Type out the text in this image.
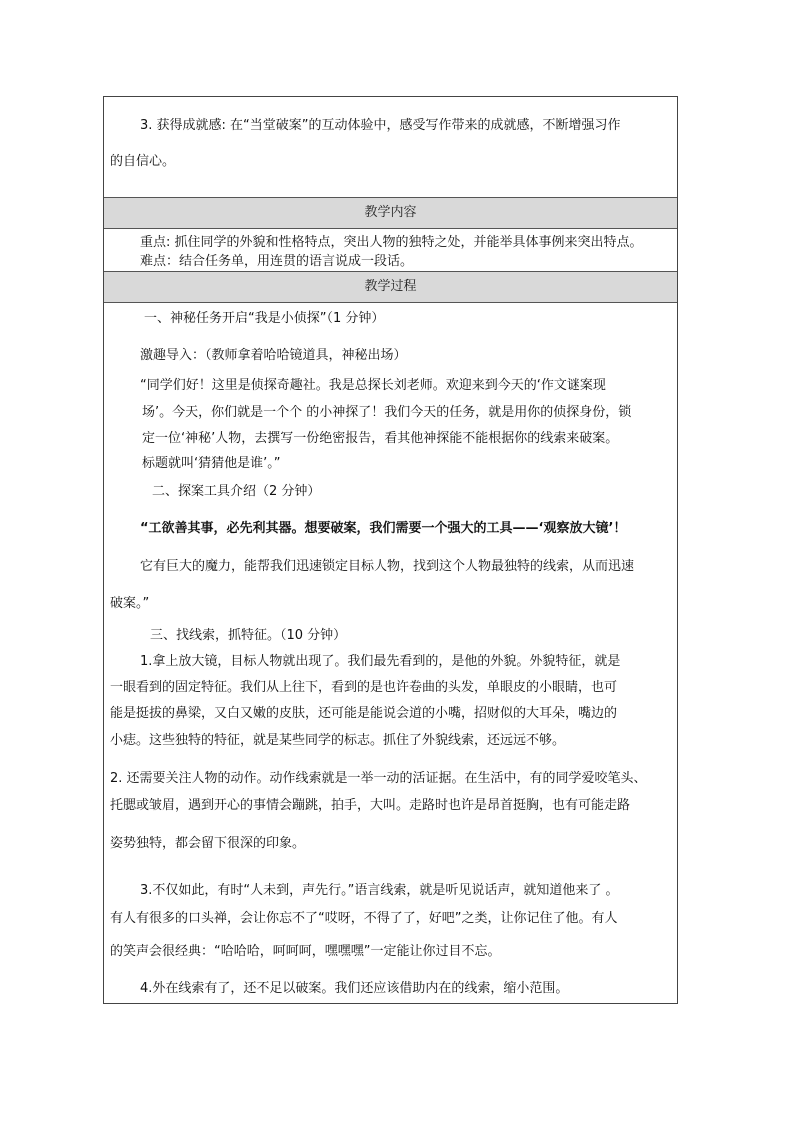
3. 获得成就感: 在“当堂破案”的互动体验中，感受写作带来的成就感，不断增强习作
的自信心。
教学内容
重点: 抓住同学的外貌和性格特点，突出人物的独特之处，并能举具体事例来突出特点。
难点：结合任务单，用连贯的语言说成一段话。
教学过程
一、神秘任务开启“我是小侦探”（1 分钟）
激趣导入：（教师拿着哈哈镜道具，神秘出场）
“同学们好！这里是侦探奇趣社。我是总探长刘老师。欢迎来到今天的‘作文谜案现
场’。今天，你们就是一个个 的小神探了！我们今天的任务，就是用你的侦探身份，锁
定一位‘神秘’人物，去撰写一份绝密报告，看其他神探能不能根据你的线索来破案。
标题就叫‘猜猜他是谁’。”
二、探案工具介绍（2 分钟）
“工欲善其事，必先利其器。想要破案，我们需要一个强大的工具——‘观察放大镜’！
它有巨大的魔力，能帮我们迅速锁定目标人物，找到这个人物最独特的线索，从而迅速
破案。”
三、找线索，抓特征。（10 分钟）
1.拿上放大镜，目标人物就出现了。我们最先看到的，是他的外貌。外貌特征，就是
一眼看到的固定特征。我们从上往下，看到的是也许卷曲的头发，单眼皮的小眼睛，也可
能是挺拔的鼻梁，又白又嫩的皮肤，还可能是能说会道的小嘴，招财似的大耳朵，嘴边的
小痣。这些独特的特征，就是某些同学的标志。抓住了外貌线索，还远远不够。
2. 还需要关注人物的动作。动作线索就是一举一动的活证据。在生活中，有的同学爱咬笔头、
托腮或皱眉，遇到开心的事情会蹦跳，拍手，大叫。走路时也许是昂首挺胸，也有可能走路
姿势独特，都会留下很深的印象。
3.不仅如此，有时“人未到，声先行。”语言线索，就是听见说话声，就知道他来了 。
有人有很多的口头禅，会让你忘不了“哎呀，不得了了，好吧”之类，让你记住了他。有人
的笑声会很经典：“哈哈哈，呵呵呵，嘿嘿嘿”一定能让你过目不忘。
4.外在线索有了，还不足以破案。我们还应该借助内在的线索，缩小范围。
